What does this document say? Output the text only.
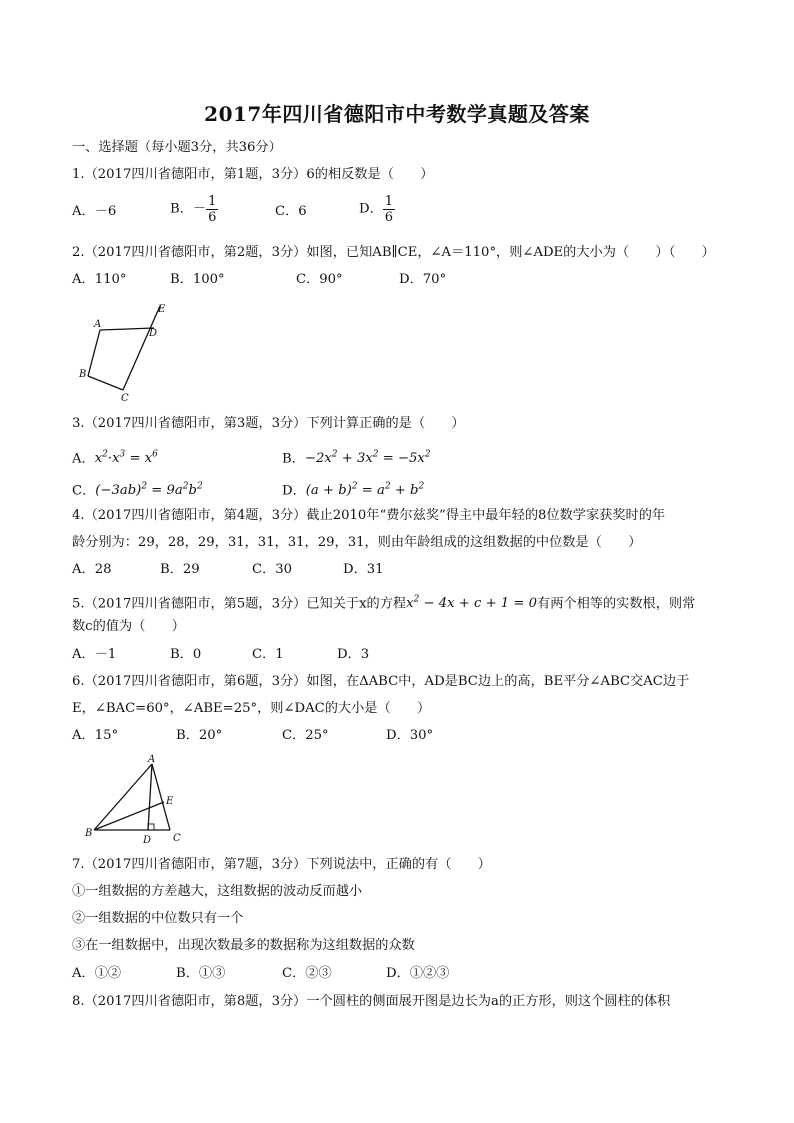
2017年四川省德阳市中考数学真题及答案
一、选择题（每小题3分，共36分）
1.（2017四川省德阳市，第1题，3分）6的相反数是（　　）
A．－6	B．－ $\frac{1}{6}$	C．6	D． $\frac{1}{6}$
2.（2017四川省德阳市，第2题，3分）如图，已知AB∥CE，∠A＝110°，则∠ADE的大小为（　　）（　　）
A．110°	B．100°	C．90°	D．70°
A
B
C
D
E
3.（2017四川省德阳市，第3题，3分）下列计算正确的是（　　）
A．$x^2\cdot x^3 = x^6$	B．$-2x^2 + 3x^2 = -5x^2$
C．$(-3ab)^2 = 9a^2b^2$	D．$(a + b)^2 = a^2 + b^2$
4.（2017四川省德阳市，第4题，3分）截止2010年“费尔兹奖”得主中最年轻的8位数学家获奖时的年
龄分别为：29，28，29，31，31，31，29，31，则由年龄组成的这组数据的中位数是（　　）
A．28	B．29	C．30	D．31
5.（2017四川省德阳市，第5题，3分）已知关于x的方程$x^2 - 4x + c + 1 = 0$有两个相等的实数根，则常
数c的值为（　　）
A．－1	B．0	C．1	D．3
6.（2017四川省德阳市，第6题，3分）如图，在ΔABC中，AD是BC边上的高，BE平分∠ABC交AC边于
E，∠BAC=60°，∠ABE=25°，则∠DAC的大小是（　　）
A．15°	B．20°	C．25°	D．30°
A
B	C
D
E
7.（2017四川省德阳市，第7题，3分）下列说法中，正确的有（　　）
①一组数据的方差越大，这组数据的波动反而越小
②一组数据的中位数只有一个
③在一组数据中，出现次数最多的数据称为这组数据的众数
A．①②	B．①③	C．②③	D．①②③
8.（2017四川省德阳市，第8题，3分）一个圆柱的侧面展开图是边长为a的正方形，则这个圆柱的体积
